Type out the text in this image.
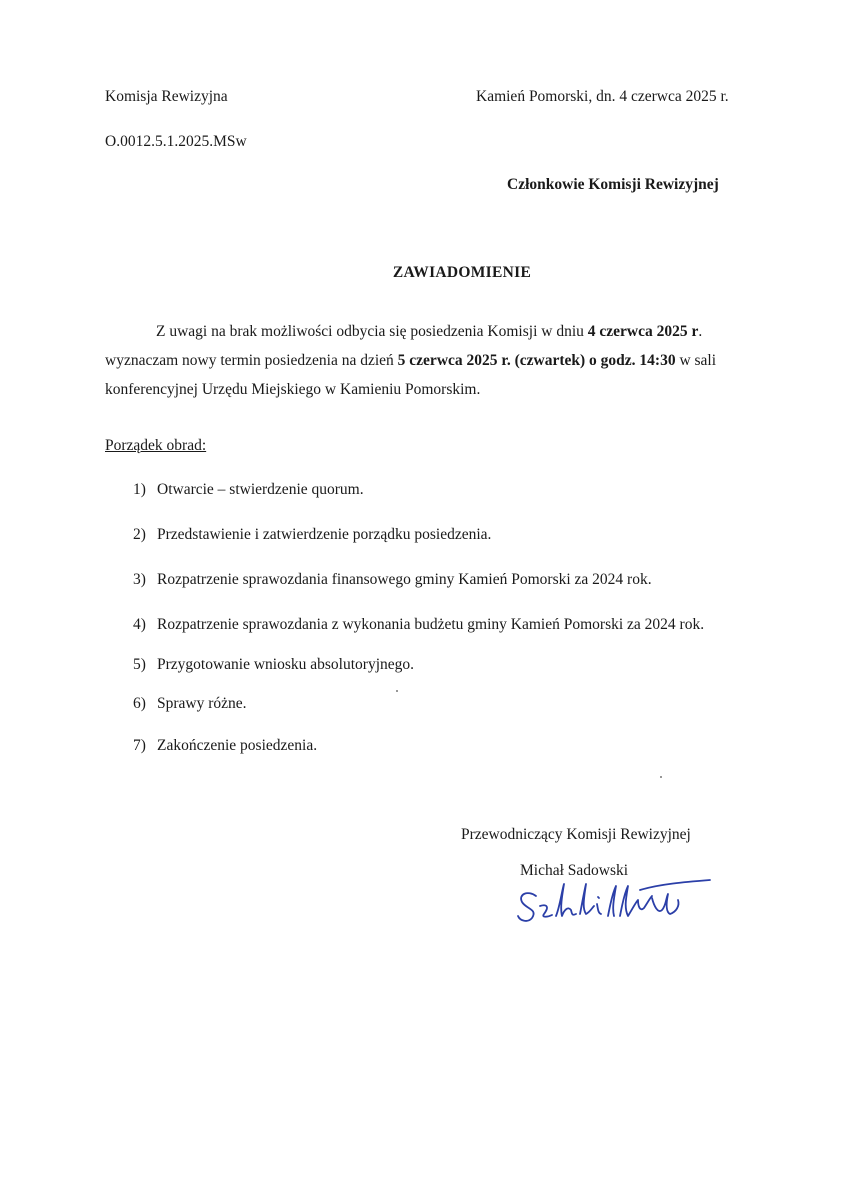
Komisja Rewizyjna
O.0012.5.1.2025.MSw
Kamień Pomorski, dn. 4 czerwca 2025 r.
Członkowie Komisji Rewizyjnej
ZAWIADOMIENIE
Z uwagi na brak możliwości odbycia się posiedzenia Komisji w dniu 4 czerwca 2025 r.
wyznaczam nowy termin posiedzenia na dzień 5 czerwca 2025 r. (czwartek) o godz. 14:30 w sali
konferencyjnej Urzędu Miejskiego w Kamieniu Pomorskim.
Porządek obrad:
1) Otwarcie – stwierdzenie quorum.
2) Przedstawienie i zatwierdzenie porządku posiedzenia.
3) Rozpatrzenie sprawozdania finansowego gminy Kamień Pomorski za 2024 rok.
4) Rozpatrzenie sprawozdania z wykonania budżetu gminy Kamień Pomorski za 2024 rok.
5) Przygotowanie wniosku absolutoryjnego.
6) Sprawy różne.
7) Zakończenie posiedzenia.
Przewodniczący Komisji Rewizyjnej
Michał Sadowski
